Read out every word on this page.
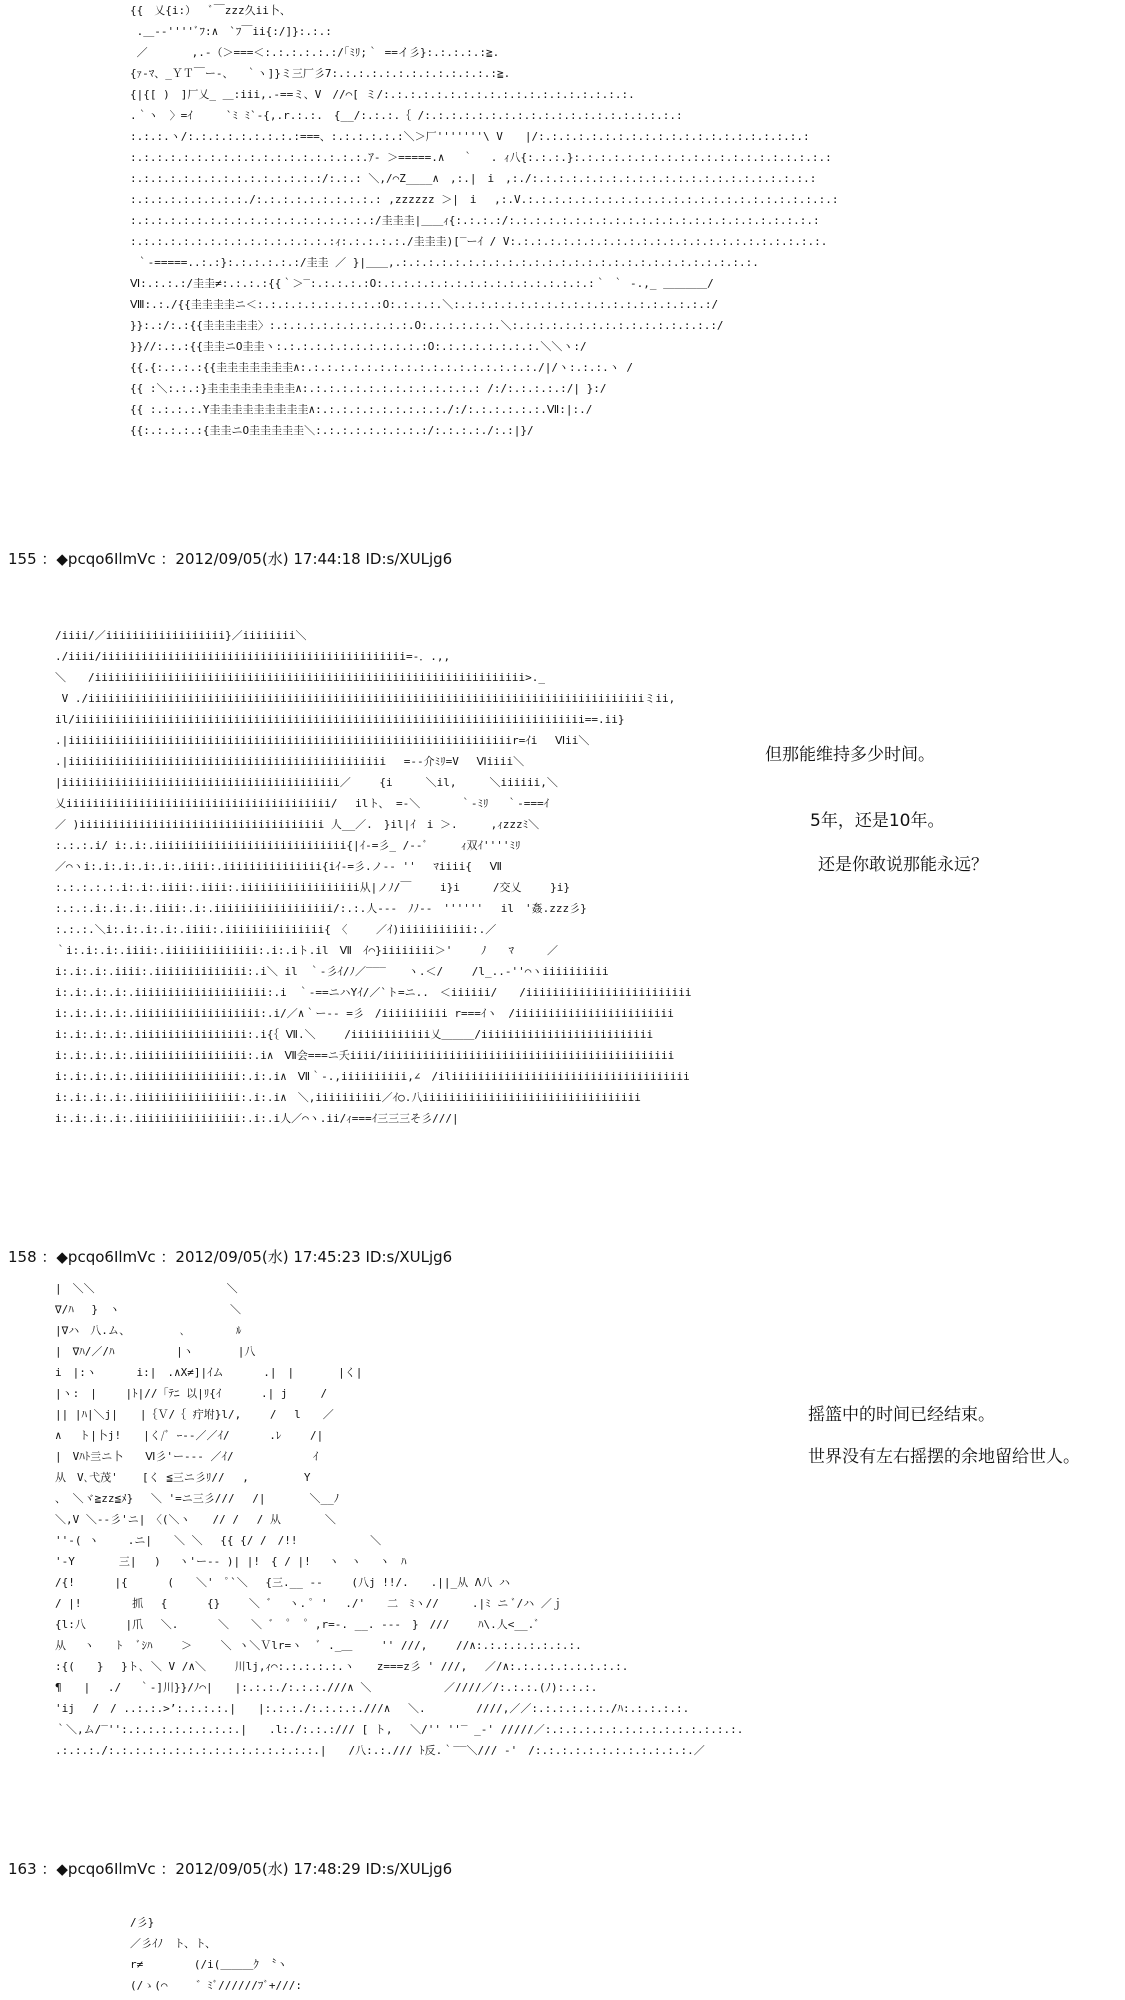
{{　乂{i:）　 ﾞ￣zzz久ii卜、
.＿-‐''''ﾞﾌ:∧　`ﾌ￣ii{:/]}:.:.:
／　　　　,.-（＞===＜:.:.:.:.:.:/｢ﾐﾘ;｀ ==イ彡}:.:.:.:.:≧.
{ｧ-ﾏ、_ＹＴ￣ー-、　 ｀ヽ]}ミ三厂彡7:.:.:.:.:.:.:.:.:.:.:.:.:≧.
{|{[ )　]厂乂_ ＿:iii,.-==ミ、V　//⌒[ ミ/:.:.:.:.:.:.:.:.:.:.:.:.:.:.:.:.:.:.:.
.｀ヽ　〉=ｲ　　　`ﾐ ﾐ`-{,.r.:.:.　{__/:.:.:.｛ /:.:.:.:.:.:.:.:.:.:.:.:.:.:.:.:.:.:.:.:
:.:.:.ヽ/:.:.:.:.:.:.:.:.:===、:.:.:.:.:.:＼＞厂'''''''\ V　　|/:.:.:.:.:.:.:.:.:.:.:.:.:.:.:.:.:.:.:.:.:
:.:.:.:.:.:.:.:.:.:.:.:.:.:.:.:.:.:.ｱ- ＞=====.∧　 ｀ 　. ｨ八{:.:.:.}:.:.:.:.:.:.:.:.:.:.:.:.:.:.:.:.:.:.:.:
:.:.:.:.:.:.:.:.:.:.:.:.:.:.:/:.:.: ＼,/⌒Z____∧　,:.|　i　,:./:.:.:.:.:.:.:.:.:.:.:.:.:.:.:.:.:.:.:.:.:.:
:.:.:.:.:.:.:.:.:./:.:.:.:.:.:.:.:.:.: ,zzzzzz ＞|　i　 ,:.V.:.:.:.:.:.:.:.:.:.:.:.:.:.:.:.:.:.:.:.:.:.:.:.:
:.:.:.:.:.:.:.:.:.:.:.:.:.:.:.:.:.:.:/圭圭圭|＿＿ｨ{:.:.:.:/:.:.:.:.:.:.:.:.:.:.:.:.:.:.:.:.:.:.:.:.:.:.:.:
:.:.:.:.:.:.:.:.:.:.:.:.:.:.:.:ｨ:.:.:.:.:./圭圭圭)[‾ーｲ / V:.:.:.:.:.:.:.:.:.:.:.:.:.:.:.:.:.:.:.:.:.:.:.:.
｀-=====..:.:}:.:.:.:.:.:/圭圭 ／ }|＿＿,.:.:.:.:.:.:.:.:.:.:.:.:.:.:.:.:.:.:.:.:.:.:.:.:.:.:.:.
Ⅵ:.:.:.:/圭圭≠:.:.:.:{{｀＞‾:.:.:.:.:O:.:.:.:.:.:.:.:.:.:.:.:.:.:.:.:.:｀ ｀ -.,_ ＿＿＿＿/
Ⅷ:.:./{{圭圭圭圭ニ＜:.:.:.:.:.:.:.:.:.:O:.:.:.:.＼:.:.:.:.:.:.:.:.:.:.:.:.:.:.:.:.:.:.:.:/
}}:.:/:.:{{圭圭圭圭圭〉:.:.:.:.:.:.:.:.:.:.:.O:.:.:.:.:.:.＼:.:.:.:.:.:.:.:.:.:.:.:.:.:.:.:/
}}//:.:.:{{圭圭ニO圭圭ヽ:.:.:.:.:.:.:.:.:.:.:.:O:.:.:.:.:.:.:.:.＼＼ヽ:/
{{.{:.:.:.:{{圭圭圭圭圭圭圭∧:.:.:.:.:.:.:.:.:.:.:.:.:.:.:.:.:.:./|/ヽ:.:.:.ヽ /
{{ :＼:.:.:}圭圭圭圭圭圭圭圭∧:.:.:.:.:.:.:.:.:.:.:.:.:.: /:/:.:.:.:.:/| }:/
{{ :.:.:.:.Y圭圭圭圭圭圭圭圭圭∧:.:.:.:.:.:.:.:.:.:./:/:.:.:.:.:.:.Ⅶ:|:./
{{:.:.:.:.:{圭圭ニO圭圭圭圭圭＼:.:.:.:.:.:.:.:.:/:.:.:.:./:.:|}/
155 ：◆pcqo6IlmVc ：2012/09/05(水) 17:44:18 ID:s/XULjg6
/iiii/／iiiiiiiiiiiiiiiiii}／iiiiiiii＼
./iiii/iiiiiiiiiiiiiiiiiiiiiiiiiiiiiiiiiiiiiiiiiiiiii=-．.,,
＼　　/iiiiiiiiiiiiiiiiiiiiiiiiiiiiiiiiiiiiiiiiiiiiiiiiiiiiiiiiiiiiiiiii>._
V ./iiiiiiiiiiiiiiiiiiiiiiiiiiiiiiiiiiiiiiiiiiiiiiiiiiiiiiiiiiiiiiiiiiiiiiiiiiiiiiiiiiiiミii,
il/iiiiiiiiiiiiiiiiiiiiiiiiiiiiiiiiiiiiiiiiiiiiiiiiiiiiiiiiiiiiiiiiiiiiiiiiiiiii==.ii}
.|iiiiiiiiiiiiiiiiiiiiiiiiiiiiiiiiiiiiiiiiiiiiiiiiiiiiiiiiiiiiiiiiiiir=ｲi　 Ⅵii＼
.|iiiiiiiiiiiiiiiiiiiiiiiiiiiiiiiiiiiiiiiiiiiiiiii　 =-‐介ﾐﾘ=V　 Ⅵiiii＼
|iiiiiiiiiiiiiiiiiiiiiiiiiiiiiiiiiiiiiiiiii／　　 {i　　　＼il,　　　＼iiiiii,＼
乂iiiiiiiiiiiiiiiiiiiiiiiiiiiiiiiiiiiiiiii/　 ilト、 =-＼　　　 ｀-ﾐﾘ　 ｀-===ｲ
／ )iiiiiiiiiiiiiiiiiiiiiiiiiiiiiiiiiiiii 人__／.　}il|ｲ　i ＞.　　　,ｨzzzﾐ＼
:.:.:.i/ i:.i:.iiiiiiiiiiiiiiiiiiiiiiiiiiiii{|ｲ-=彡_ /-‐ﾞ　　　ｨ双ｲ''''ﾐﾘ
／⌒ヽi:.i:.i:.i:.i:.iiii:.iiiiiiiiiiiiiii{iｲ‐=彡.ノ-‐ ''　 ﾏiiii{　 Ⅶ
:.:.:.:.:.i:.i:.iiii:.iiii:.iiiiiiiiiiiiiiiiii从|ノﾉ/￣　　 i}i　　　/交乂　　 }i}
:.:.:.i:.i:.i:.iiii:.i:.iiiiiiiiiiiiiiiiii/:.:.人---　ﾉﾉ-‐　''''''　 il　'姦.zzz彡}
:.:.:.＼i:.i:.i:.i:.iiii:.iiiiiiiiiiiiiii{　〈　　 ／ｲ)iiiiiiiiiii:.／
｀i:.i:.i:.iiii:.iiiiiiiiiiiiii:.i:.iト.il　Ⅶ　ｲ⌒}iiiiiiii＞'　　 ﾉ　　ﾏ　　　／
i:.i:.i:.iiii:.iiiiiiiiiiiiii:.i＼ il　｀-彡ｲ/ﾉ／‾‾‾　　ヽ.＜/　　 /l_..-''⌒ヽiiiiiiiiii
i:.i:.i:.i:.iiiiiiiiiiiiiiiiiiii:.i　｀-==ニハYｲ/／`ト=ニ..　＜iiiiii/　　/iiiiiiiiiiiiiiiiiiiiiiiii
i:.i:.i:.i:.iiiiiiiiiiiiiiiiiii:.i/／∧｀ー-- =彡　/iiiiiiiiii r===ｲヽ　/iiiiiiiiiiiiiiiiiiiiiiii
i:.i:.i:.i:.iiiiiiiiiiiiiiiii:.i{｛ Ⅶ.＼　　 /iiiiiiiiiiii乂＿＿＿/iiiiiiiiiiiiiiiiiiiiiiiiii
i:.i:.i:.i:.iiiiiiiiiiiiiiiii:.i∧　Ⅶ会===ニ夭iiii/iiiiiiiiiiiiiiiiiiiiiiiiiiiiiiiiiiiiiiiiiiii
i:.i:.i:.i:.iiiiiiiiiiiiiiii:.i:.i∧　Ⅶ｀‐.,iiiiiiiiii,∠　/iliiiiiiiiiiiiiiiiiiiiiiiiiiiiiiiiiiii
i:.i:.i:.i:.iiiiiiiiiiiiiiii:.i:.i∧　＼,iiiiiiiiii／ｲ○.八iiiiiiiiiiiiiiiiiiiiiiiiiiiiiiiii
i:.i:.i:.i:.iiiiiiiiiiiiiiii:.i:.i人／⌒ヽ.ii/ｨ===ｲ三三三そ彡///|
但那能维持多少时间。
5年，还是10年。
还是你敢说那能永远？
158 ：◆pcqo6IlmVc ：2012/09/05(水) 17:45:23 ID:s/XULjg6
|　＼＼　　　　　　　　　　　　＼
∇/ﾊ　 }　ヽ　　　　　　　　　　＼
|∇ハ　八.ム、　　　　　､　　　　 ﾙ
|　∇ﾊ/／/ﾊ　　　　　 |ヽ　　　　|八
i　|:ヽ　　　 i:|　.∧X≠]|ｲム　　　 .|　|　　　　|く|
|ヽ:　|　　 |ﾄ|//「ﾃﾆ 以|ﾘ{ｲ　　　 .| j　　　/
|| |ﾊ|＼j|　　|｛Ｖ/｛ 疔坿}l/,　　 /　 l　　／
∧　 ト|卜j!　　|く/ﾞ ｰ-‐／／ｲ/　　　 .ﾚ　　 /|
|　Vﾊﾄ亖ニ卜　　Ⅵ彡'ー--‐ ／ｲ/　　　　 　　 ｲ
从　V､弋茂' 　 [く ≦三ニ彡ﾘ//　 ,　　　　　Y
、 ＼ヾ≧zz≦ﾒ}　 ＼ '=ニ三彡/// 　/|　　　　＼__ﾉ
＼,V ＼--彡'ニ|　〈(＼ヽ　　// /　 / 从　　　　＼
''‐( ヽ　　 .ニ|　　＼ ＼　 {{ {/ /　/!!　　　　　　 ＼
'‐Y　　　　三|　 ) 　ヽ'ー-- )| |!　{ / |!　 ヽ　ヽ　 ヽ　ﾊ
/{!　　　 |{ 　　　(　　＼'　ﾟ`＼　 {三.__ -‐　　 (八j !!/.　　.||_从 Λ八 ハ
/ |!　　　　 抓　 {　　　 {}　　 ＼ ゛　ヽ. ﾟ '　 ./'　　二　ﾐヽ//　　　.|ﾐ ニ ﾞ/ハ ／ｊ
{l:八　　　 |爪　 ＼.　　　 ＼　　＼ ゛ ゜ ゜,r=-. __. ---　}　///　　 ﾊ\.人<__.ﾞ
从　 ヽ　　ﾄ　 ﾞｼﾊ　　 ＞　　 ＼ ヽ＼Ｖlr=ヽ　 ﾞ ._＿　　 '' ///,　　 //∧:.:.:.:.:.:.:.:.
:{(　　}　 }ト､ ＼ V /∧＼　　 川lj,ｨ⌒:.:.:.:.:.ヽ　　z===z彡 ' ///,　 ／/∧:.:.:.:.:.:.:.:.:.
¶　　|　 ./　 ｀-]川}}/ﾉ⌒|　　|:.:.:./:.:.:.///∧ ＼　　　　　　 ／////／/:.:.:.(ﾉ):.:.:.
'ij　 /　/ ..:.:.>’:.:.:.:.|　　|:.:.:./:.:.:.:.///∧　 ＼.　　　　 ////,／／:.:.:.:.:.:./ﾊ:.:.:.:.:.
｀＼,ム/‾'':.:.:.:.:.:.:.:.:.|　　.l:./:.:.:/// [ ト,　 ＼/'' ''‾ _‐' /////／:.:.:.:.:.:.:.:.:.:.:.:.:.:.:.
.:.:.:./:.:.:.:.:.:.:.:.:.:.:.:.:.:.:.:.|　　/八:.:./// ﾄ反.｀‾‾＼/// ‐'　/:.:.:.:.:.:.:.:.:.:.:.:.／
摇篮中的时间已经结束。
世界没有左右摇摆的余地留给世人。
163 ：◆pcqo6IlmVc ：2012/09/05(水) 17:48:29 ID:s/XULjg6
/彡}
／彡ｲﾉ　ト、ト、
r≠　　　　 (/i(＿＿＿ｸ 〝ヽ
(/ゝ(⌒　　 ゛ﾐﾞ//////ﾌﾞ+///:
